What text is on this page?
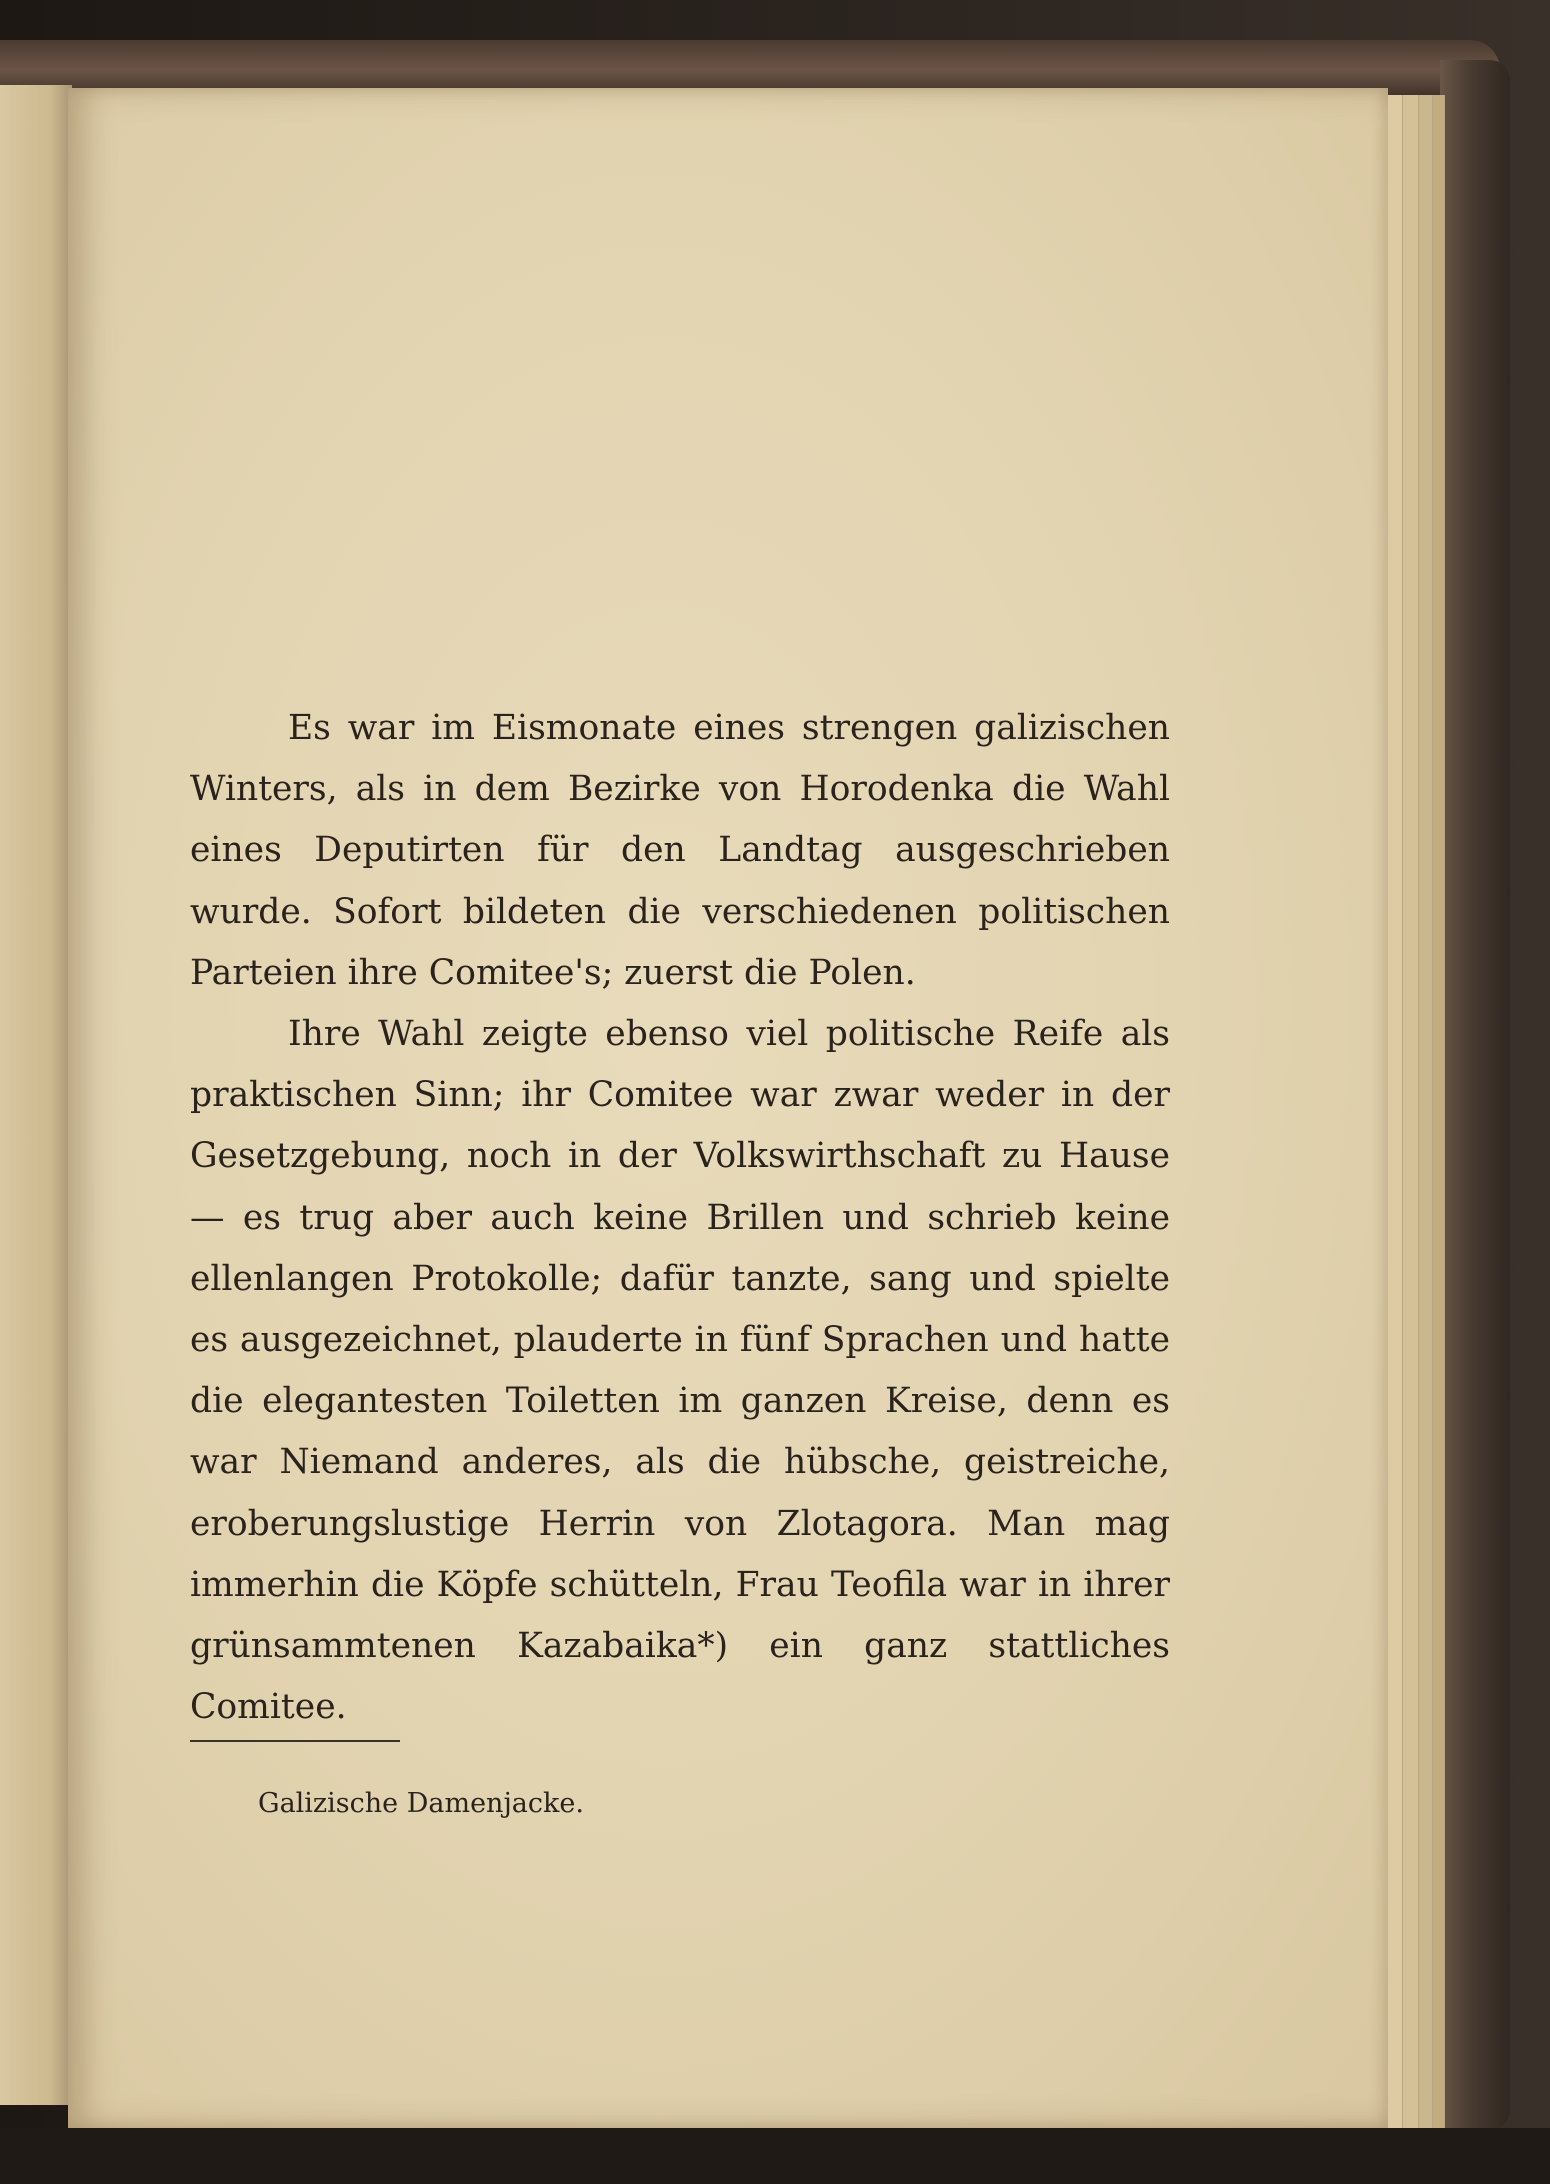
Es war im Eismonate eines strengen galizischen Winters, als in dem Bezirke von Horodenka die Wahl eines Deputirten für den Landtag ausgeschrieben wurde. Sofort bildeten die verschiedenen politischen Parteien ihre Comitee's; zuerst die Polen.

Ihre Wahl zeigte ebenso viel politische Reife als praktischen Sinn; ihr Comitee war zwar weder in der Gesetzgebung, noch in der Volkswirthschaft zu Hause — es trug aber auch keine Brillen und schrieb keine ellenlangen Protokolle; dafür tanzte, sang und spielte es ausgezeichnet, plauderte in fünf Sprachen und hatte die elegantesten Toiletten im ganzen Kreise, denn es war Niemand anderes, als die hübsche, geistreiche, eroberungslustige Herrin von Zlotagora. Man mag immerhin die Köpfe schütteln, Frau Teofila war in ihrer grünsammtenen Kazabaika*) ein ganz stattliches Comitee.

Galizische Damenjacke.
